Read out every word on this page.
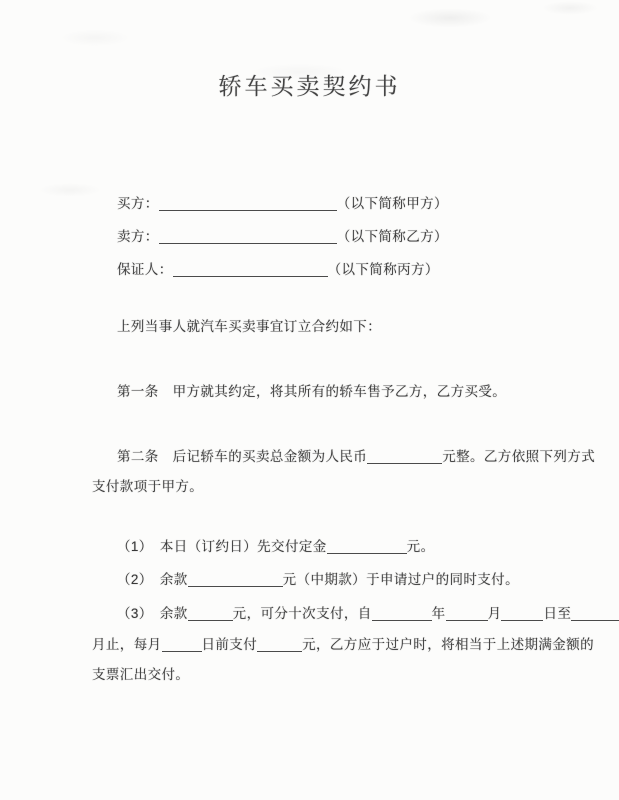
轿车买卖契约书
买方：	（以下简称甲方）
卖方：	（以下简称乙方）
保证人：	（以下简称丙方）
上列当事人就汽车买卖事宜订立合约如下：
第一条　甲方就其约定，将其所有的轿车售予乙方，乙方买受。
第二条　后记轿车的买卖总金额为人民币	元整。乙方依照下列方式
支付款项于甲方。
（1）　本日（订约日）先交付定金	元。
（2）　余款	元（中期款）于申请过户的同时支付。
（3）　余款	元，可分十次支付，自	年	月	日至
月止，每月	日前支付	元，乙方应于过户时，将相当于上述期满金额的
支票汇出交付。
